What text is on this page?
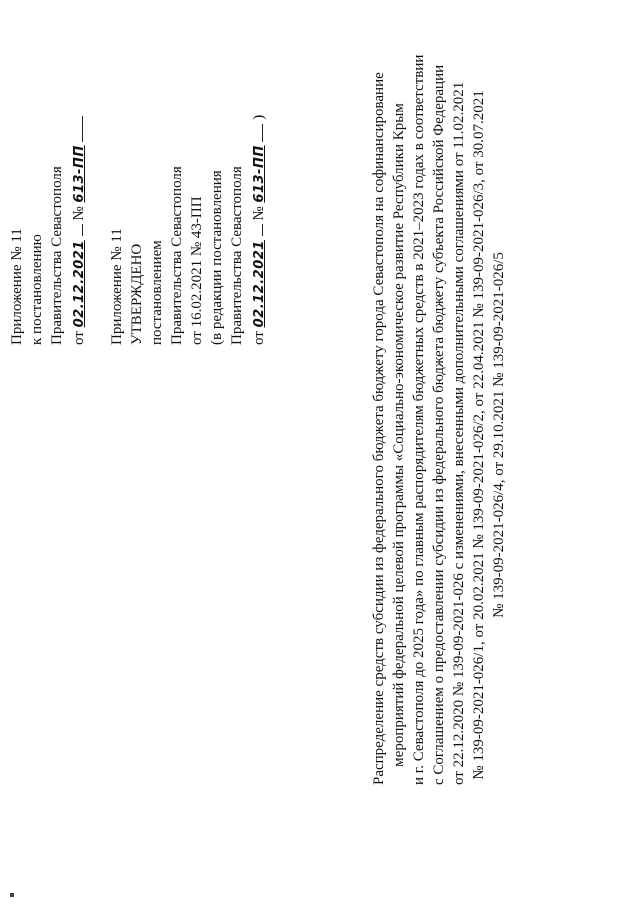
Приложение № 11 к постановлению Правительства Севастополя от 02.12.2021  № 613-ПП
Приложение № 11 УТВЕРЖДЕНО постановлением Правительства Севастополя от 16.02.2021 № 43-ПП (в редакции постановления Правительства Севастополя от 02.12.2021  № 613-ПП  )	Распределение средств субсидии из федерального бюджета бюджету города Севастополя на софинансирование мероприятий федеральной целевой программы «Социально-экономическое развитие Республики Крым и г. Севастополя до 2025 года» по главным распорядителям бюджетных средств в 2021–2023 годах в соответствии с Соглашением о предоставлении субсидии из федерального бюджета бюджету субъекта Российской Федерации от 22.12.2020 № 139-09-2021-026 с изменениями, внесенными дополнительными соглашениями от 11.02.2021 № 139-09-2021-026/1, от 20.02.2021 № 139-09-2021-026/2, от 22.04.2021 № 139-09-2021-026/3, от 30.07.2021 № 139-09-2021-026/4, от 29.10.2021 № 139-09-2021-026/5
